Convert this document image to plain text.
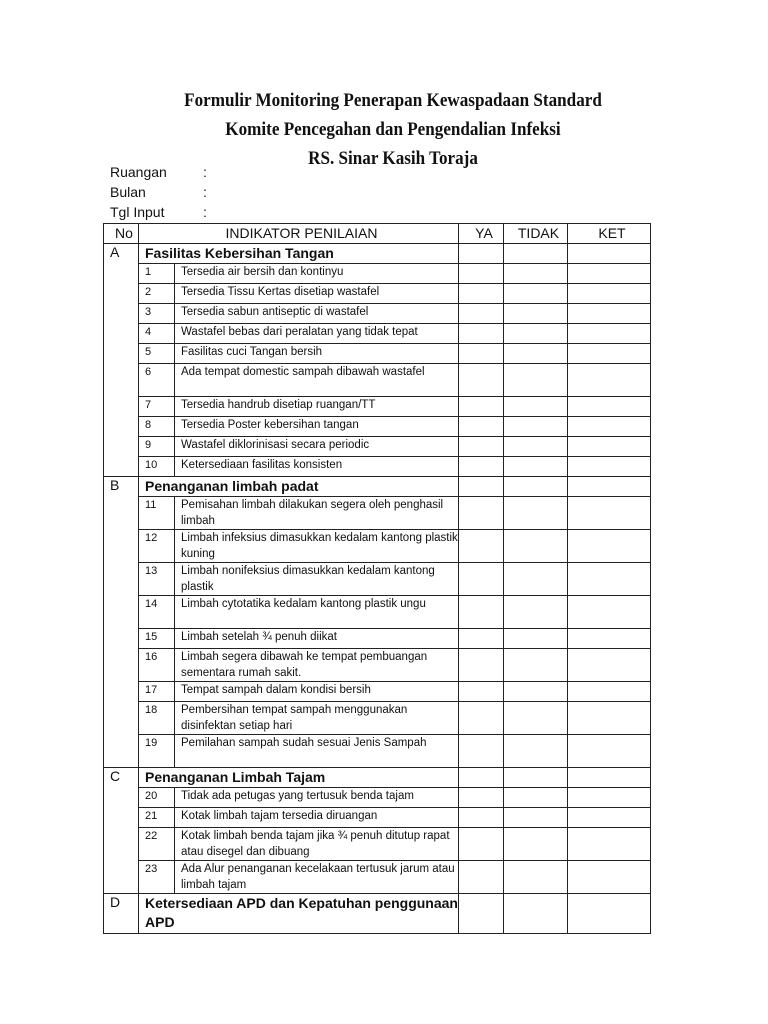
Formulir Monitoring Penerapan Kewaspadaan Standard
Komite Pencegahan dan Pengendalian Infeksi
RS. Sinar Kasih Toraja
Ruangan	:
Bulan	:
Tgl Input	:
No	INDIKATOR PENILAIAN		YA	TIDAK	KET
A	Fasilitas Kebersihan Tangan				
	1	Tersedia air bersih dan kontinyu			
	2	Tersedia Tissu Kertas disetiap wastafel			
	3	Tersedia sabun antiseptic di wastafel			
	4	Wastafel bebas dari peralatan yang tidak tepat			
	5	Fasilitas cuci Tangan bersih			
	6	Ada tempat domestic sampah dibawah wastafel			
	7	Tersedia handrub disetiap ruangan/TT			
	8	Tersedia Poster kebersihan tangan			
	9	Wastafel diklorinisasi secara periodic			
	10	Ketersediaan fasilitas konsisten			
B	Penanganan limbah padat				
	11	Pemisahan limbah dilakukan segera oleh penghasil limbah			
	12	Limbah infeksius dimasukkan kedalam kantong plastik kuning			
	13	Limbah nonifeksius dimasukkan kedalam kantong plastik			
	14	Limbah cytotatika kedalam kantong plastik ungu			
	15	Limbah setelah ¾ penuh diikat			
	16	Limbah segera dibawah ke tempat pembuangan sementara rumah sakit.			
	17	Tempat sampah dalam kondisi bersih			
	18	Pembersihan tempat sampah menggunakan disinfektan setiap hari			
	19	Pemilahan sampah sudah sesuai Jenis Sampah			
C	Penanganan Limbah Tajam				
	20	Tidak ada petugas yang tertusuk benda tajam			
	21	Kotak limbah tajam tersedia diruangan			
	22	Kotak limbah benda tajam jika ¾ penuh ditutup rapat atau disegel dan dibuang			
	23	Ada Alur penanganan kecelakaan tertusuk jarum atau limbah tajam			
D	Ketersediaan APD dan Kepatuhan penggunaan APD				
